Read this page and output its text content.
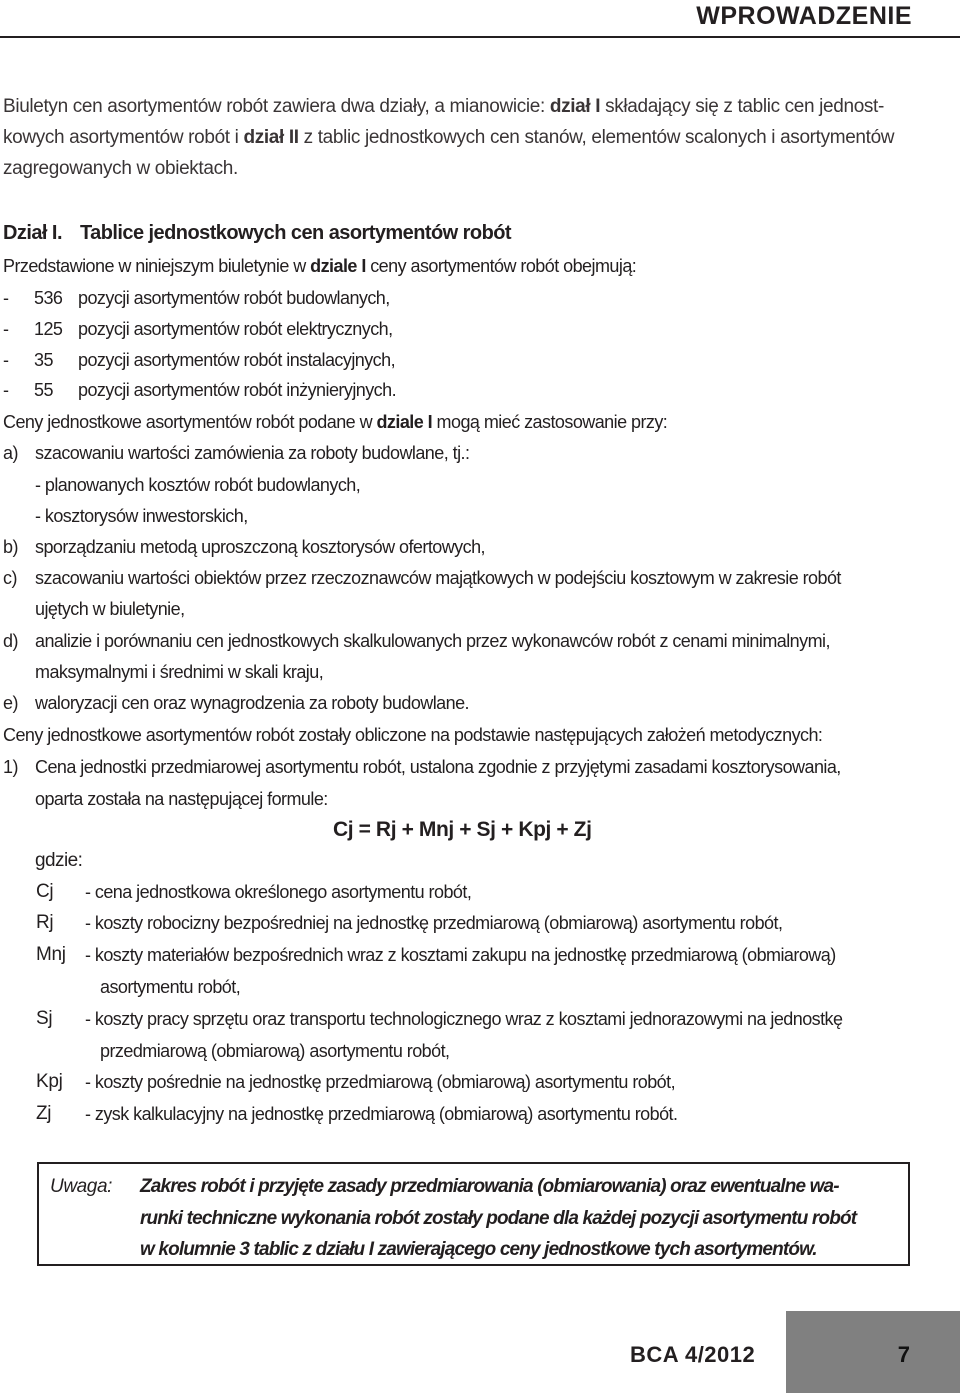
WPROWADZENIE
Biuletyn cen asortymentów robót zawiera dwa działy, a mianowicie: dział I składający się z tablic cen jednost-
kowych asortymentów robót i dział II z tablic jednostkowych cen stanów, elementów scalonych i asortymentów
zagregowanych w obiektach.
Dział I. Tablice jednostkowych cen asortymentów robót
Przedstawione w niniejszym biuletynie w dziale I ceny asortymentów robót obejmują:
- 536 pozycji asortymentów robót budowlanych,
- 125 pozycji asortymentów robót elektrycznych,
- 35 pozycji asortymentów robót instalacyjnych,
- 55 pozycji asortymentów robót inżynieryjnych.
Ceny jednostkowe asortymentów robót podane w dziale I mogą mieć zastosowanie przy:
a) szacowaniu wartości zamówienia za roboty budowlane, tj.:
- planowanych kosztów robót budowlanych,
- kosztorysów inwestorskich,
b) sporządzaniu metodą uproszczoną kosztorysów ofertowych,
c) szacowaniu wartości obiektów przez rzeczoznawców majątkowych w podejściu kosztowym w zakresie robót
ujętych w biuletynie,
d) analizie i porównaniu cen jednostkowych skalkulowanych przez wykonawców robót z cenami minimalnymi,
maksymalnymi i średnimi w skali kraju,
e) waloryzacji cen oraz wynagrodzenia za roboty budowlane.
Ceny jednostkowe asortymentów robót zostały obliczone na podstawie następujących założeń metodycznych:
1) Cena jednostki przedmiarowej asortymentu robót, ustalona zgodnie z przyjętymi zasadami kosztorysowania,
oparta została na następującej formule:
Cj = Rj + Mnj + Sj + Kpj + Zj
gdzie:
Cj - cena jednostkowa określonego asortymentu robót,
Rj - koszty robocizny bezpośredniej na jednostkę przedmiarową (obmiarową) asortymentu robót,
Mnj - koszty materiałów bezpośrednich wraz z kosztami zakupu na jednostkę przedmiarową (obmiarową)
asortymentu robót,
Sj - koszty pracy sprzętu oraz transportu technologicznego wraz z kosztami jednorazowymi na jednostkę
przedmiarową (obmiarową) asortymentu robót,
Kpj - koszty pośrednie na jednostkę przedmiarową (obmiarową) asortymentu robót,
Zj - zysk kalkulacyjny na jednostkę przedmiarową (obmiarową) asortymentu robót.
Uwaga: Zakres robót i przyjęte zasady przedmiarowania (obmiarowania) oraz ewentualne wa-
runki techniczne wykonania robót zostały podane dla każdej pozycji asortymentu robót
w kolumnie 3 tablic z działu I zawierającego ceny jednostkowe tych asortymentów.
BCA 4/2012	7
